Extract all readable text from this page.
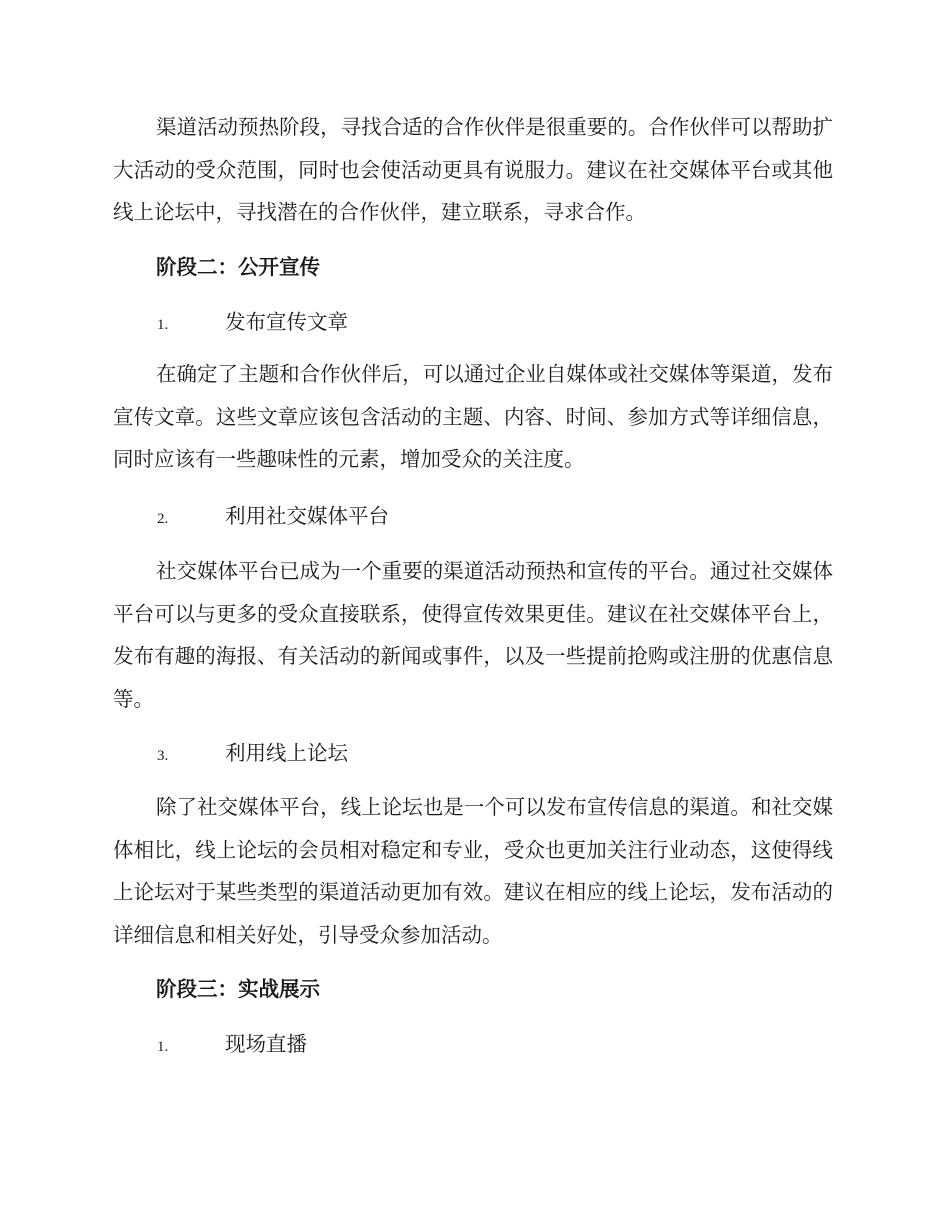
渠道活动预热阶段，寻找合适的合作伙伴是很重要的。合作伙伴可以帮助扩大活动的受众范围，同时也会使活动更具有说服力。建议在社交媒体平台或其他线上论坛中，寻找潜在的合作伙伴，建立联系，寻求合作。

阶段二：公开宣传
1.	发布宣传文章

在确定了主题和合作伙伴后，可以通过企业自媒体或社交媒体等渠道，发布宣传文章。这些文章应该包含活动的主题、内容、时间、参加方式等详细信息，同时应该有一些趣味性的元素，增加受众的关注度。

2.	利用社交媒体平台

社交媒体平台已成为一个重要的渠道活动预热和宣传的平台。通过社交媒体平台可以与更多的受众直接联系，使得宣传效果更佳。建议在社交媒体平台上，发布有趣的海报、有关活动的新闻或事件，以及一些提前抢购或注册的优惠信息等。

3.	利用线上论坛

除了社交媒体平台，线上论坛也是一个可以发布宣传信息的渠道。和社交媒体相比，线上论坛的会员相对稳定和专业，受众也更加关注行业动态，这使得线上论坛对于某些类型的渠道活动更加有效。建议在相应的线上论坛，发布活动的详细信息和相关好处，引导受众参加活动。

阶段三：实战展示
1.	现场直播
